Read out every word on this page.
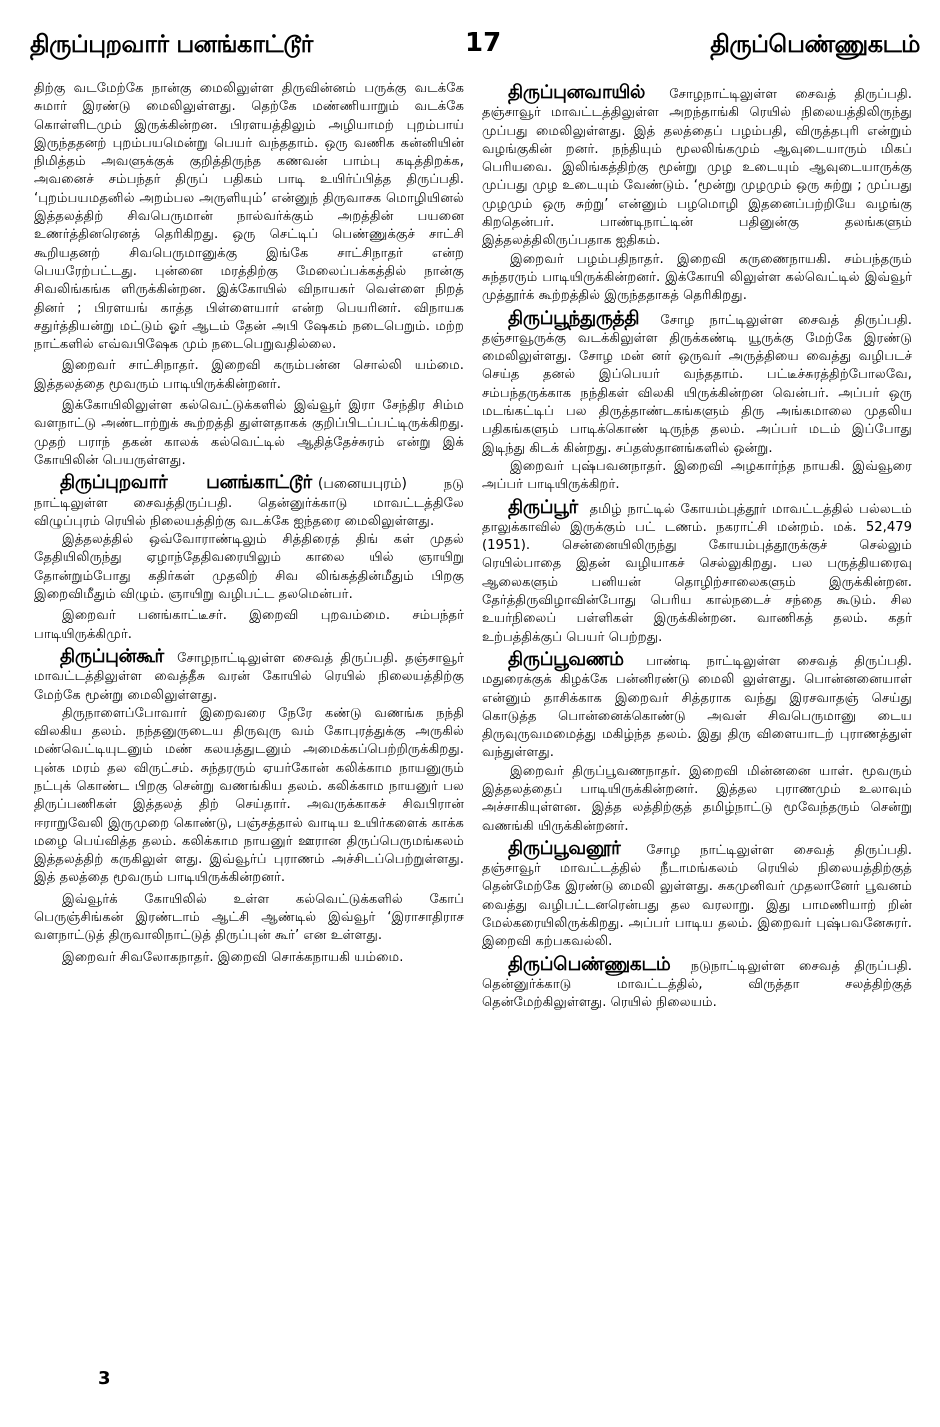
திருப்புறவார் பனங்காட்டூர்	17	திருப்பெண்ணுகடம்

திற்கு வடமேற்கே நான்கு மைலிலுள்ள திருவின்னம் பருக்கு வடக்கே சுமார் இரண்டு மைலிலுள்ளது. தெற்கே மண்ணியாறும் வடக்கே கொள்ளிடமும் இருக்கின்றன. பிரளயத்திலும் அழியாமற் புறம்பாய் இருந்ததனற் புறம்பயமென்று பெயர் வந்ததாம். ஒரு வணிக கன்னியின் நிமித்தம் அவளுக்குக் குறித்திருந்த கணவன் பாம்பு கடித்திறக்க, அவனைச் சம்பந்தர் திருப் பதிகம் பாடி உயிர்ப்பித்த திருப்பதி. ‘புறம்பயமதனில் அறம்பல அருளியும்’ என்னுந் திருவாசக மொழியினல் இத்தலத்திற் சிவபெருமான் நால்வர்க்கும் அறத்தின் பயனை உணர்த்தினரெனத் தெரிகிறது. ஒரு செட்டிப் பெண்ணுக்குச் சாட்சி கூறியதனற் சிவபெருமானுக்கு இங்கே சாட்சிநாதர் என்ற பெயரேற்பட்டது. புன்னை மரத்திற்கு மேலைப்பக்கத்தில் நான்கு சிவலிங்கங்க ளிருக்கின்றன. இக்கோயில் விநாயகர் வெள்ளை நிறத் தினர் ; பிரளயங் காத்த பிள்ளையார் என்ற பெயரினர். விநாயக சதுர்த்தியன்று மட்டும் ஓர் ஆடம் தேன் அபி ஷேகம் நடைபெறும். மற்ற நாட்களில் எவ்வபிஷேக மும் நடைபெறுவதில்லை.

இறைவர் சாட்சிநாதர். இறைவி கரும்பன்ன சொல்லி யம்மை. இத்தலத்தை மூவரும் பாடியிருக்கின்றனர்.

இக்கோயிலிலுள்ள கல்வெட்டுக்களில் இவ்வூர் இரா சேந்திர சிம்ம வளநாட்டு அண்டாற்றுக் கூற்றத்தி துள்ளதாகக் குறிப்பிடப்பட்டிருக்கிறது. முதற் பராந் தகன் காலக் கல்வெட்டில் ஆதித்தேச்சுரம் என்று இக் கோயிலின் பெயருள்ளது.

திருப்புறவார் பனங்காட்டூர் (பனையபுரம்)	நடு நாட்டிலுள்ள சைவத்திருப்பதி. தென்னுர்க்காடு மாவட்டத்திலே விழுப்புரம் ரெயில் நிலையத்திற்கு வடக்கே ஐந்தரை மைலிலுள்ளது.

இத்தலத்தில் ஒவ்வோராண்டிலும் சித்திரைத் திங் கள் முதல் தேதியிலிருந்து ஏழாந்தேதிவரையிலும் காலை யில் ஞாயிறு தோன்றும்போது கதிர்கள் முதலிற் சிவ லிங்கத்தின்மீதும் பிறகு இறைவிமீதும் விழும். ஞாயிறு வழிபட்ட தலமென்பர்.

இறைவர் பனங்காட்டீசர். இறைவி புறவம்மை. சம்பந்தர் பாடியிருக்கிமுர்.

திருப்புன்கூர் சோழநாட்டிலுள்ள சைவத் திருப்பதி. தஞ்சாவூர் மாவட்டத்திலுள்ள வைத்தீசு வரன் கோயில் ரெயில் நிலையத்திற்கு மேற்கே மூன்று மைலிலுள்ளது.

திருநாளைப்போவார் இறைவரை நேரே கண்டு வணங்க நந்தி விலகிய தலம். நந்தனுருடைய திருவுரு வம் கோபுரத்துக்கு அருகில் மண்வெட்டியுடனும் மண் கலயத்துடனும் அமைக்கப்பெற்றிருக்கிறது. புன்க மரம் தல விருட்சம். சுந்தரரும் ஏயர்கோன் கலிக்காம நாயனுரும் நட்புக் கொண்ட பிறகு சென்று வணங்கிய தலம். கலிக்காம நாயனுர் பல திருப்பணிகள் இத்தலத் திற் செய்தார். அவருக்காகச் சிவபிரான் ஈராறுவேலி இருமுறை கொண்டு, பஞ்சத்தால் வாடிய உயிர்களைக் காக்க மழை பெய்வித்த தலம். கலிக்காம நாயனுர் ஊரான திருப்பெருமங்கலம் இத்தலத்திற் கருகிலுள் ளது. இவ்வூர்ப் புராணம் அச்சிடப்பெற்றுள்ளது. இத் தலத்தை மூவரும் பாடியிருக்கின்றனர்.

இவ்வூர்க் கோயிலில் உள்ள கல்வெட்டுக்களில் கோப் பெருஞ்சிங்கன் இரண்டாம் ஆட்சி ஆண்டில் இவ்வூர் ‘இராசாதிராச வளநாட்டுத் திருவாலிநாட்டுத் திருப்புன் கூர்’ என உள்ளது.

இறைவர் சிவலோகநாதர். இறைவி சொக்கநாயகி யம்மை.

திருப்புனவாயில் சோழநாட்டிலுள்ள சைவத் திருப்பதி. தஞ்சாவூர் மாவட்டத்திலுள்ள அறந்தாங்கி ரெயில் நிலையத்திலிருந்து முப்பது மைலிலுள்ளது. இத் தலத்தைப் பழம்பதி, விருத்தபுரி என்றும் வழங்குகின் றனர். நந்தியும் மூலலிங்கமும் ஆவுடையாரும் மிகப் பெரியவை. இலிங்கத்திற்கு மூன்று முழ உடையும் ஆவுடையாருக்கு முப்பது முழ உடையும் வேண்டும். ‘மூன்று முழமும் ஒரு சுற்று ; முப்பது முழமும் ஒரு சுற்று’ என்னும் பழமொழி இதனைப்பற்றியே வழங்கு கிறதென்பர். பாண்டிநாட்டின் பதினுன்கு தலங்களும் இத்தலத்திலிருப்பதாக ஐதிகம்.

இறைவர் பழம்பதிநாதர். இறைவி கருணைநாயகி. சம்பந்தரும் சுந்தரரும் பாடியிருக்கின்றனர். இக்கோயி லிலுள்ள கல்வெட்டில் இவ்வூர் முத்தூர்க் கூற்றத்தில் இருந்ததாகத் தெரிகிறது.

திருப்பூந்துருத்தி சோழ நாட்டிலுள்ள சைவத் திருப்பதி. தஞ்சாவூருக்கு வடக்கிலுள்ள திருக்கண்டி யூருக்கு மேற்கே இரண்டு மைலிலுள்ளது. சோழ மன் னர் ஒருவர் அருத்தியை வைத்து வழிபடச் செய்த தனல் இப்பெயர் வந்ததாம். பட்டீச்சுரத்திற்போலவே, சம்பந்தருக்காக நந்திகள் விலகி யிருக்கின்றன வென்பர். அப்பர் ஒரு மடங்கட்டிப் பல திருத்தாண்டகங்களும் திரு அங்கமாலை முதலிய பதிகங்களும் பாடிக்கொண் டிருந்த தலம். அப்பர் மடம் இப்போது இடிந்து கிடக் கின்றது. சப்தஸ்தானங்களில் ஒன்று.

இறைவர் புஷ்பவனநாதர். இறைவி அழகார்ந்த நாயகி. இவ்வூரை அப்பர் பாடியிருக்கிறர்.

திருப்பூர் தமிழ் நாட்டில் கோயம்புத்தூர் மாவட்டத்தில் பல்லடம் தாலுக்காவில் இருக்கும் பட் டணம். நகராட்சி மன்றம். மக். 52,479 (1951). சென்னையிலிருந்து கோயம்புத்தூருக்குச் செல்லும் ரெயில்பாதை இதன் வழியாகச் செல்லுகிறது. பல பருத்தியரைவு ஆலைகளும் பனியன் தொழிற்சாலைகளும் இருக்கின்றன. தேர்த்திருவிழாவின்போது பெரிய கால்நடைச் சந்தை கூடும். சில உயர்நிலைப் பள்ளிகள் இருக்கின்றன. வாணிகத் தலம். கதர் உற்பத்திக்குப் பெயர் பெற்றது.

திருப்பூவணம் பாண்டி நாட்டிலுள்ள சைவத் திருப்பதி. மதுரைக்குக் கிழக்கே பன்னிரண்டு மைலி லுள்ளது. பொன்னனையாள் என்னும் தாசிக்காக இறைவர் சித்தராக வந்து இரசவாதஞ் செய்து கொடுத்த பொன்னைக்கொண்டு அவள் சிவபெருமானு டைய திருவுருவமமைத்து மகிழ்ந்த தலம். இது திரு விளையாடற் புராணத்துள் வந்துள்ளது.

இறைவர் திருப்பூவணநாதர். இறைவி மின்னனை யாள். மூவரும் இத்தலத்தைப் பாடியிருக்கின்றனர். இத்தல புராணமும் உலாவும் அச்சாகியுள்ளன. இத்த லத்திற்குத் தமிழ்நாட்டு மூவேந்தரும் சென்று வணங்கி யிருக்கின்றனர்.

திருப்பூவனூர் சோழ நாட்டிலுள்ள சைவத் திருப்பதி. தஞ்சாவூர் மாவட்டத்தில் நீடாமங்கலம் ரெயில் நிலையத்திற்குத் தென்மேற்கே இரண்டு மைலி லுள்ளது. சுகமுனிவர் முதலானேர் பூவனம் வைத்து வழிபட்டனரென்பது தல வரலாறு. இது பாமணியாற் றின் மேல்கரையிலிருக்கிறது. அப்பர் பாடிய தலம். இறைவர் புஷ்பவனேசுரர். இறைவி கற்பகவல்லி.

திருப்பெண்ணுகடம் நடுநாட்டிலுள்ள சைவத் திருப்பதி. தென்னுர்க்காடு மாவட்டத்தில், விருத்தா சலத்திற்குத் தென்மேற்கிலுள்ளது. ரெயில் நிலையம்.

3
